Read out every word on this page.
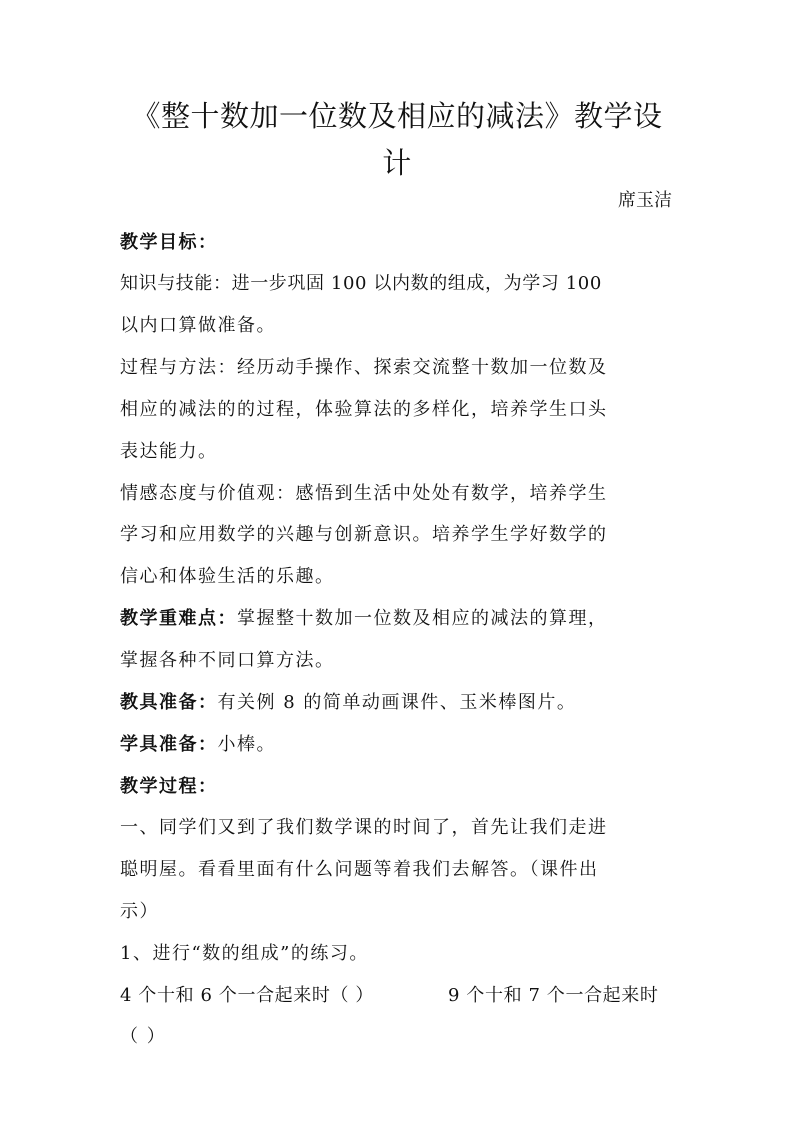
《整十数加一位数及相应的减法》教学设
计
席玉洁
教学目标：
知识与技能：进一步巩固 100 以内数的组成，为学习 100
以内口算做准备。
过程与方法：经历动手操作、探索交流整十数加一位数及
相应的减法的的过程，体验算法的多样化，培养学生口头
表达能力。
情感态度与价值观：感悟到生活中处处有数学，培养学生
学习和应用数学的兴趣与创新意识。培养学生学好数学的
信心和体验生活的乐趣。
教学重难点：掌握整十数加一位数及相应的减法的算理，
掌握各种不同口算方法。
教具准备：有关例 8 的简单动画课件、玉米棒图片。
学具准备：小棒。
教学过程：
一、同学们又到了我们数学课的时间了，首先让我们走进
聪明屋。看看里面有什么问题等着我们去解答。（课件出
示）
1、进行“数的组成”的练习。
4 个十和 6 个一合起来时（ ）	9 个十和 7 个一合起来时
（ ）
